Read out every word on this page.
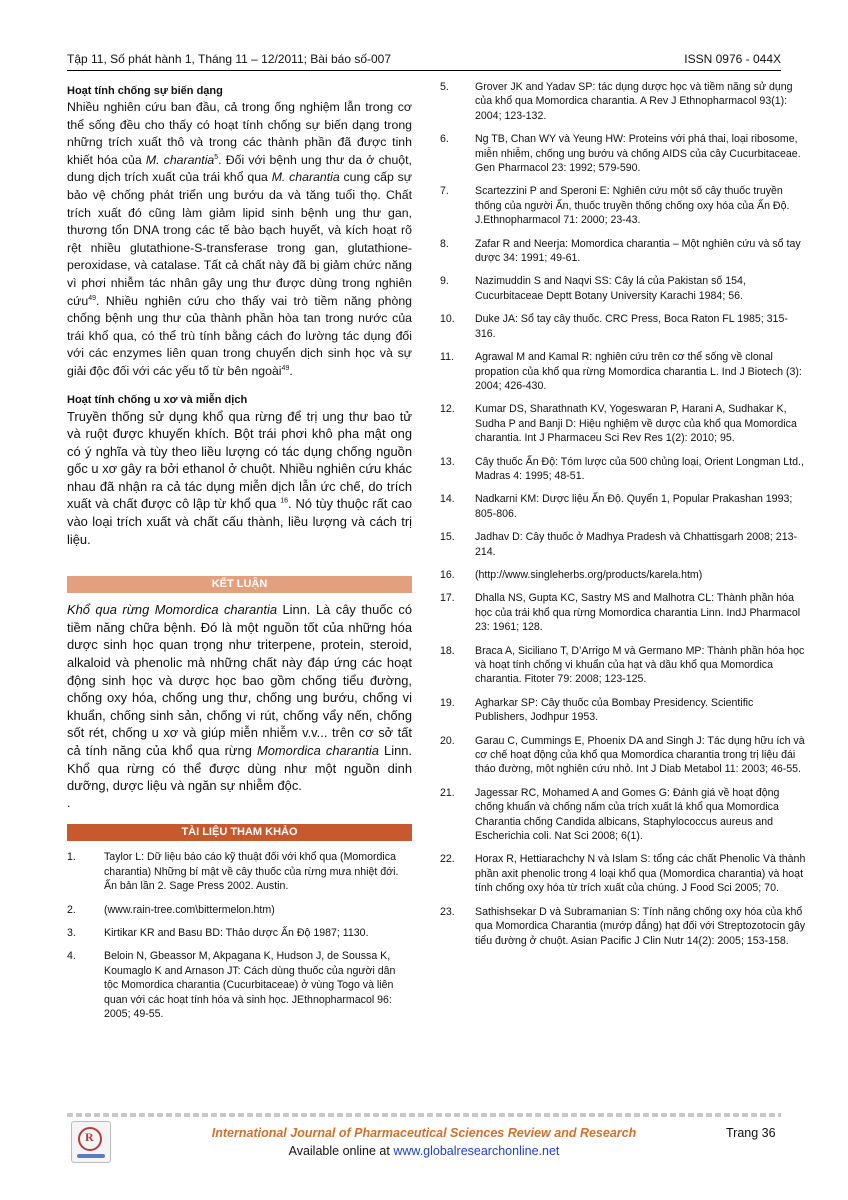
Tập 11, Số phát hành 1, Tháng 11 – 12/2011; Bài báo số-007	ISSN 0976 - 044X
Hoạt tính chống sự biến dạng

Nhiều nghiên cứu ban đầu, cả trong ống nghiệm lẫn trong cơ thể sống đều cho thấy có hoạt tính chống sự biến dạng trong những trích xuất thô và trong các thành phần đã được tinh khiết hóa của M. charantia$^5$. Đối với bệnh ung thư da ở chuột, dung dịch trích xuất của trái khổ qua M. charantia cung cấp sự bảo vệ chống phát triển ung bướu da và tăng tuổi thọ. Chất trích xuất đó cũng làm giảm lipid sinh bệnh ung thư gan, thương tổn DNA trong các tế bào bạch huyết, và kích hoạt rõ rệt nhiều glutathione-S-transferase trong gan, glutathione-peroxidase, và catalase. Tất cả chất này đã bị giảm chức năng vì phơi nhiễm tác nhân gây ung thư được dùng trong nghiên cứu$^{49}$. Nhiều nghiên cứu cho thấy vai trò tiềm năng phòng chống bệnh ung thư của thành phần hòa tan trong nước của trái khổ qua, có thể trù tính bằng cách đo lường tác dụng đối với các enzymes liên quan trong chuyển dịch sinh học và sự giải độc đối với các yếu tố từ bên ngoài$^{49}$.

Hoạt tính chống u xơ và miễn dịch

Truyền thống sử dụng khổ qua rừng để trị ung thư bao tử và ruột được khuyến khích. Bột trái phơi khô pha mật ong có ý nghĩa và tùy theo liều lượng có tác dụng chống nguồn gốc u xơ gây ra bởi ethanol ở chuột. Nhiều nghiên cứu khác nhau đã nhận ra cả tác dụng miễn dịch lẫn ức chế, do trích xuất và chất được cô lập từ khổ qua $^{16}$. Nó tùy thuộc rất cao vào loại trích xuất và chất cấu thành, liều lượng và cách trị liệu.

KẾT LUẬN

Khổ qua rừng Momordica charantia Linn. Là cây thuốc có tiềm năng chữa bệnh. Đó là một nguồn tốt của những hóa dược sinh học quan trọng như triterpene, protein, steroid, alkaloid và phenolic mà những chất này đáp ứng các hoạt động sinh học và dược học bao gồm chống tiểu đường, chống oxy hóa, chống ung thư, chống ung bướu, chống vi khuẩn, chống sinh sản, chống vi rút, chống vẩy nến, chống sốt rét, chống u xơ và giúp miễn nhiễm v.v... trên cơ sở tất cả tính năng của khổ qua rừng Momordica charantia Linn. Khổ qua rừng có thể được dùng như một nguồn dinh dưỡng, dược liệu và ngăn sự nhiễm độc.

.

TÀI LIỆU THAM KHẢO
1.	Taylor L: Dữ liệu báo cáo kỹ thuật đối với khổ qua (Momordica charantia) Những bí mật về cây thuốc của rừng mưa nhiệt đới. Ấn bản lần 2. Sage Press 2002. Austin.
2.	(www.rain-tree.com\bittermelon.htm)
3.	Kirtikar KR and Basu BD: Thảo dược Ấn Độ 1987; 1130.
4.	Beloin N, Gbeassor M, Akpagana K, Hudson J, de Soussa K, Koumaglo K and Arnason JT: Cách dùng thuốc của người dân tộc Momordica charantia (Cucurbitaceae) ở vùng Togo và liên quan với các hoạt tính hóa và sinh học. JEthnopharmacol 96: 2005; 49-55.
5. Grover JK and Yadav SP: tác dụng dược học và tiềm năng sử dụng của khổ qua Momordica charantia. A Rev J Ethnopharmacol 93(1): 2004; 123-132.
6. Ng TB, Chan WY và Yeung HW: Proteins với phá thai, loại ribosome, miễn nhiễm, chống ung bướu và chống AIDS của cây Cucurbitaceae. Gen Pharmacol 23: 1992; 579-590.
7. Scartezzini P and Speroni E: Nghiên cứu một số cây thuốc truyền thống của người Ấn, thuốc truyền thống chống oxy hóa của Ấn Độ. J.Ethnopharmacol 71: 2000; 23-43.
8. Zafar R and Neerja: Momordica charantia – Một nghiên cứu và sổ tay dược 34: 1991; 49-61.
9. Nazimuddin S and Naqvi SS: Cây lá của Pakistan số 154, Cucurbitaceae Deptt Botany University Karachi 1984; 56.
10. Duke JA: Sổ tay cây thuốc. CRC Press, Boca Raton FL 1985; 315-316.
11. Agrawal M and Kamal R: nghiên cứu trên cơ thể sống về clonal propation của khổ qua rừng Momordica charantia L. Ind J Biotech (3): 2004; 426-430.
12. Kumar DS, Sharathnath KV, Yogeswaran P, Harani A, Sudhakar K, Sudha P and Banji D: Hiệu nghiệm về dược của khổ qua Momordica charantia. Int J Pharmaceu Sci Rev Res 1(2): 2010; 95.
13. Cây thuốc Ấn Độ: Tóm lược của 500 chủng loại, Orient Longman Ltd., Madras 4: 1995; 48-51.
14. Nadkarni KM: Dược liệu Ấn Độ. Quyển 1, Popular Prakashan 1993; 805-806.
15. Jadhav D: Cây thuốc ở Madhya Pradesh và Chhattisgarh 2008; 213-214.
16. (http://www.singleherbs.org/products/karela.htm)
17. Dhalla NS, Gupta KC, Sastry MS and Malhotra CL: Thành phần hóa học của trái khổ qua rừng Momordica charantia Linn. IndJ Pharmacol 23: 1961; 128.
18. Braca A, Siciliano T, D’Arrigo M và Germano MP: Thành phần hóa học và hoạt tính chống vi khuẩn của hạt và dầu khổ qua Momordica charantia. Fitoter 79: 2008; 123-125.
19. Agharkar SP: Cây thuốc của Bombay Presidency. Scientific Publishers, Jodhpur 1953.
20. Garau C, Cummings E, Phoenix DA and Singh J: Tác dụng hữu ích và cơ chế hoạt động của khổ qua Momordica charantia trong trị liệu đái tháo đường, một nghiên cứu nhỏ. Int J Diab Metabol 11: 2003; 46-55.
21. Jagessar RC, Mohamed A and Gomes G: Đánh giá về hoạt động chống khuẩn và chống nấm của trích xuất lá khổ qua Momordica Charantia chống Candida albicans, Staphylococcus aureus and Escherichia coli. Nat Sci 2008; 6(1).
22. Horax R, Hettiarachchy N và Islam S: tổng các chất Phenolic Và thành phần axit phenolic trong 4 loại khổ qua (Momordica charantia) và hoạt tính chống oxy hóa từ trích xuất của chúng. J Food Sci 2005; 70.
23. Sathishsekar D và Subramanian S: Tính năng chống oxy hóa của khổ qua Momordica Charantia (mướp đắng) hạt đối với Streptozotocin gây tiểu đường ở chuột. Asian Pacific J Clin Nutr 14(2): 2005; 153-158.
R	International Journal of Pharmaceutical Sciences Review and Research	Trang 36
Available online at www.globalresearchonline.net
